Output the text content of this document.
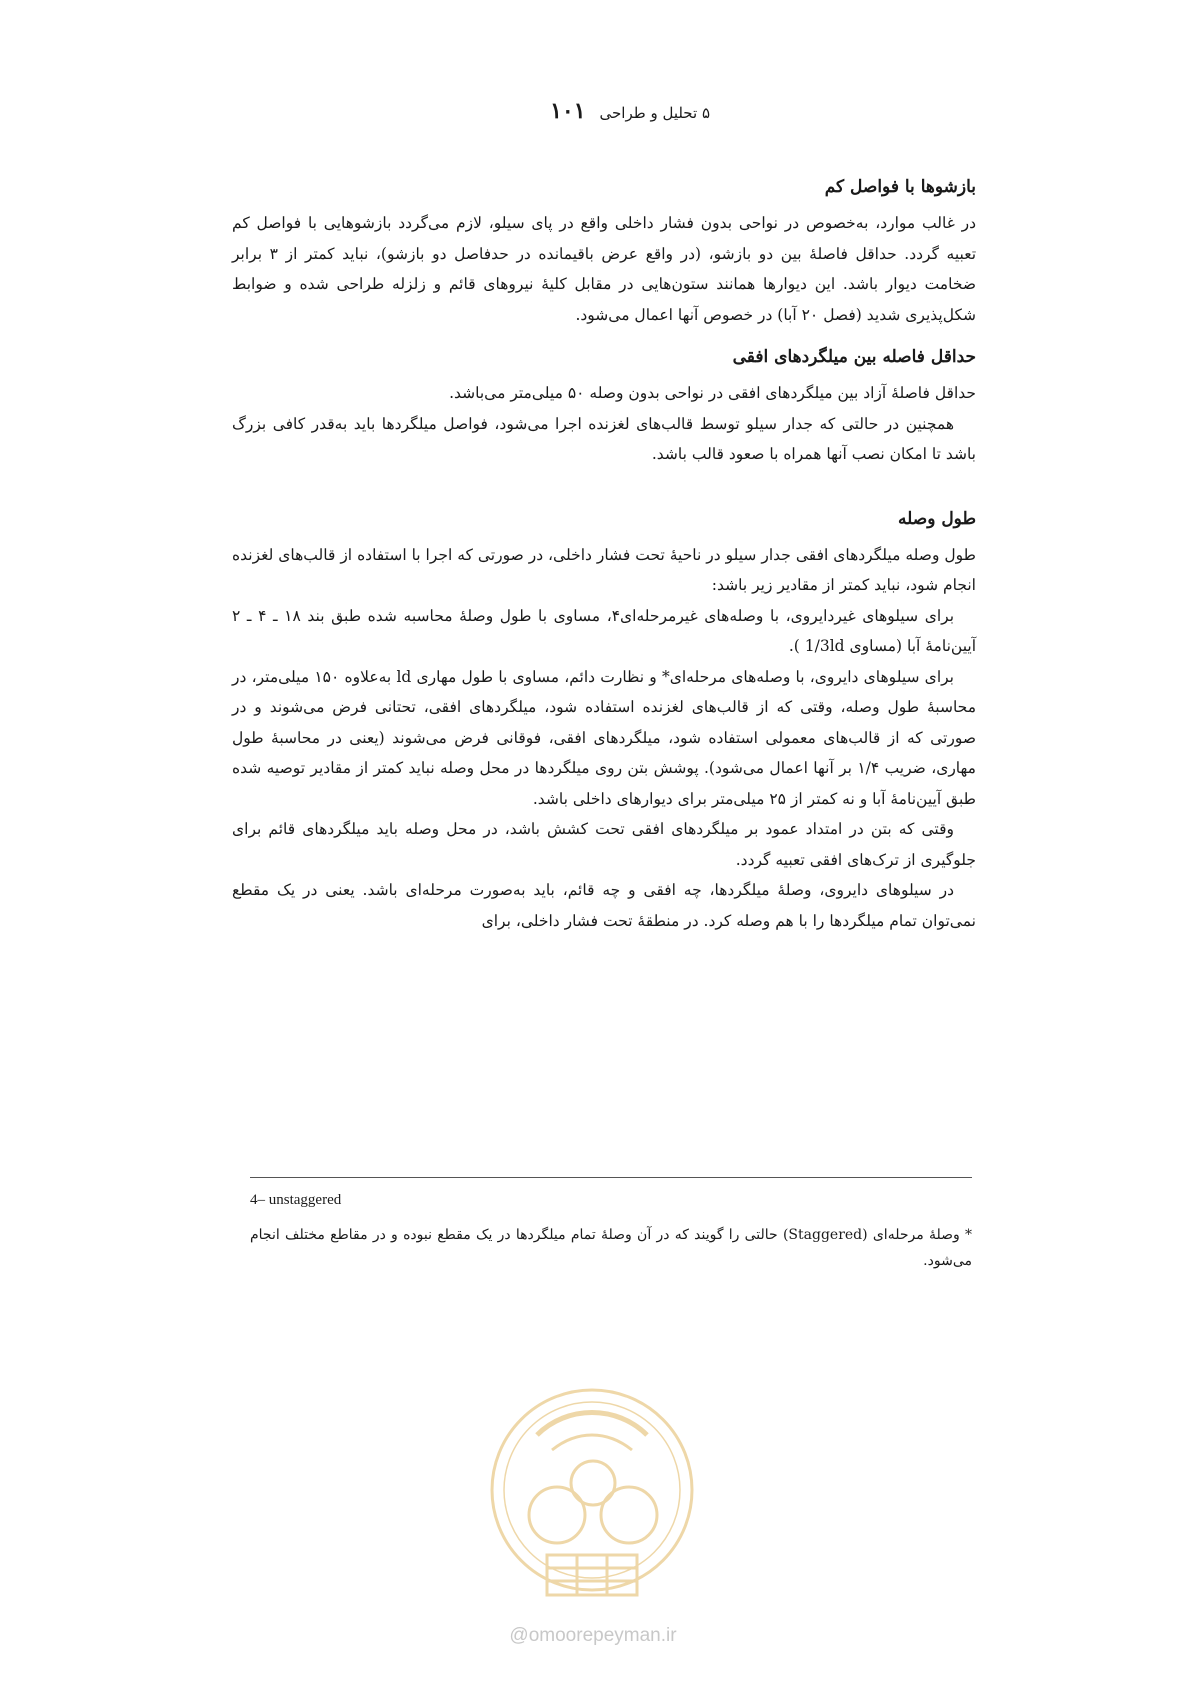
۵ تحلیل و طراحی
۱۰۱
بازشوها با فواصل کم

در غالب موارد، به‌خصوص در نواحی بدون فشار داخلی واقع در پای سیلو، لازم می‌گردد بازشوهایی با فواصل کم تعبیه گردد. حداقل فاصلهٔ بین دو بازشو، (در واقع عرض باقیمانده در حدفاصل دو بازشو)، نباید کمتر از ۳ برابر ضخامت دیوار باشد. این دیوارها همانند ستون‌هایی در مقابل کلیهٔ نیروهای قائم و زلزله طراحی شده و ضوابط شکل‌پذیری شدید (فصل ۲۰ آبا) در خصوص آنها اعمال می‌شود.

حداقل فاصله بین میلگردهای افقی

حداقل فاصلهٔ آزاد بین میلگردهای افقی در نواحی بدون وصله ۵۰ میلی‌متر می‌باشد.

همچنین در حالتی که جدار سیلو توسط قالب‌های لغزنده اجرا می‌شود، فواصل میلگردها باید به‌قدر کافی بزرگ باشد تا امکان نصب آنها همراه با صعود قالب باشد.

طول وصله

طول وصله میلگردهای افقی جدار سیلو در ناحیهٔ تحت فشار داخلی، در صورتی که اجرا با استفاده از قالب‌های لغزنده انجام شود، نباید کمتر از مقادیر زیر باشد:

برای سیلوهای غیردایروی، با وصله‌های غیرمرحله‌ای۴، مساوی با طول وصلهٔ محاسبه شده طبق بند ۱۸ ـ ۴ ـ ۲ آیین‌نامهٔ آبا (مساوی ‎1/3ld‎ ).

برای سیلوهای دایروی، با وصله‌های مرحله‌ای* و نظارت دائم، مساوی با طول مهاری ld به‌علاوه ۱۵۰ میلی‌متر، در محاسبهٔ طول وصله، وقتی که از قالب‌های لغزنده استفاده شود، میلگردهای افقی، تحتانی فرض می‌شوند و در صورتی که از قالب‌های معمولی استفاده شود، میلگردهای افقی، فوقانی فرض می‌شوند (یعنی در محاسبهٔ طول مهاری، ضریب ۱/۴ بر آنها اعمال می‌شود). پوشش بتن روی میلگردها در محل وصله نباید کمتر از مقادیر توصیه شده طبق آیین‌نامهٔ آبا و نه کمتر از ۲۵ میلی‌متر برای دیوارهای داخلی باشد.

وقتی که بتن در امتداد عمود بر میلگردهای افقی تحت کشش باشد، در محل وصله باید میلگردهای قائم برای جلوگیری از ترک‌های افقی تعبیه گردد.

در سیلوهای دایروی، وصلهٔ میلگردها، چه افقی و چه قائم، باید به‌صورت مرحله‌ای باشد. یعنی در یک مقطع نمی‌توان تمام میلگردها را با هم وصله کرد. در منطقهٔ تحت فشار داخلی، برای

4– unstaggered
* وصلهٔ مرحله‌ای (Staggered) حالتی را گویند که در آن وصلهٔ تمام میلگردها در یک مقطع نبوده و در مقاطع مختلف انجام می‌شود.
@omoorepeyman.ir
